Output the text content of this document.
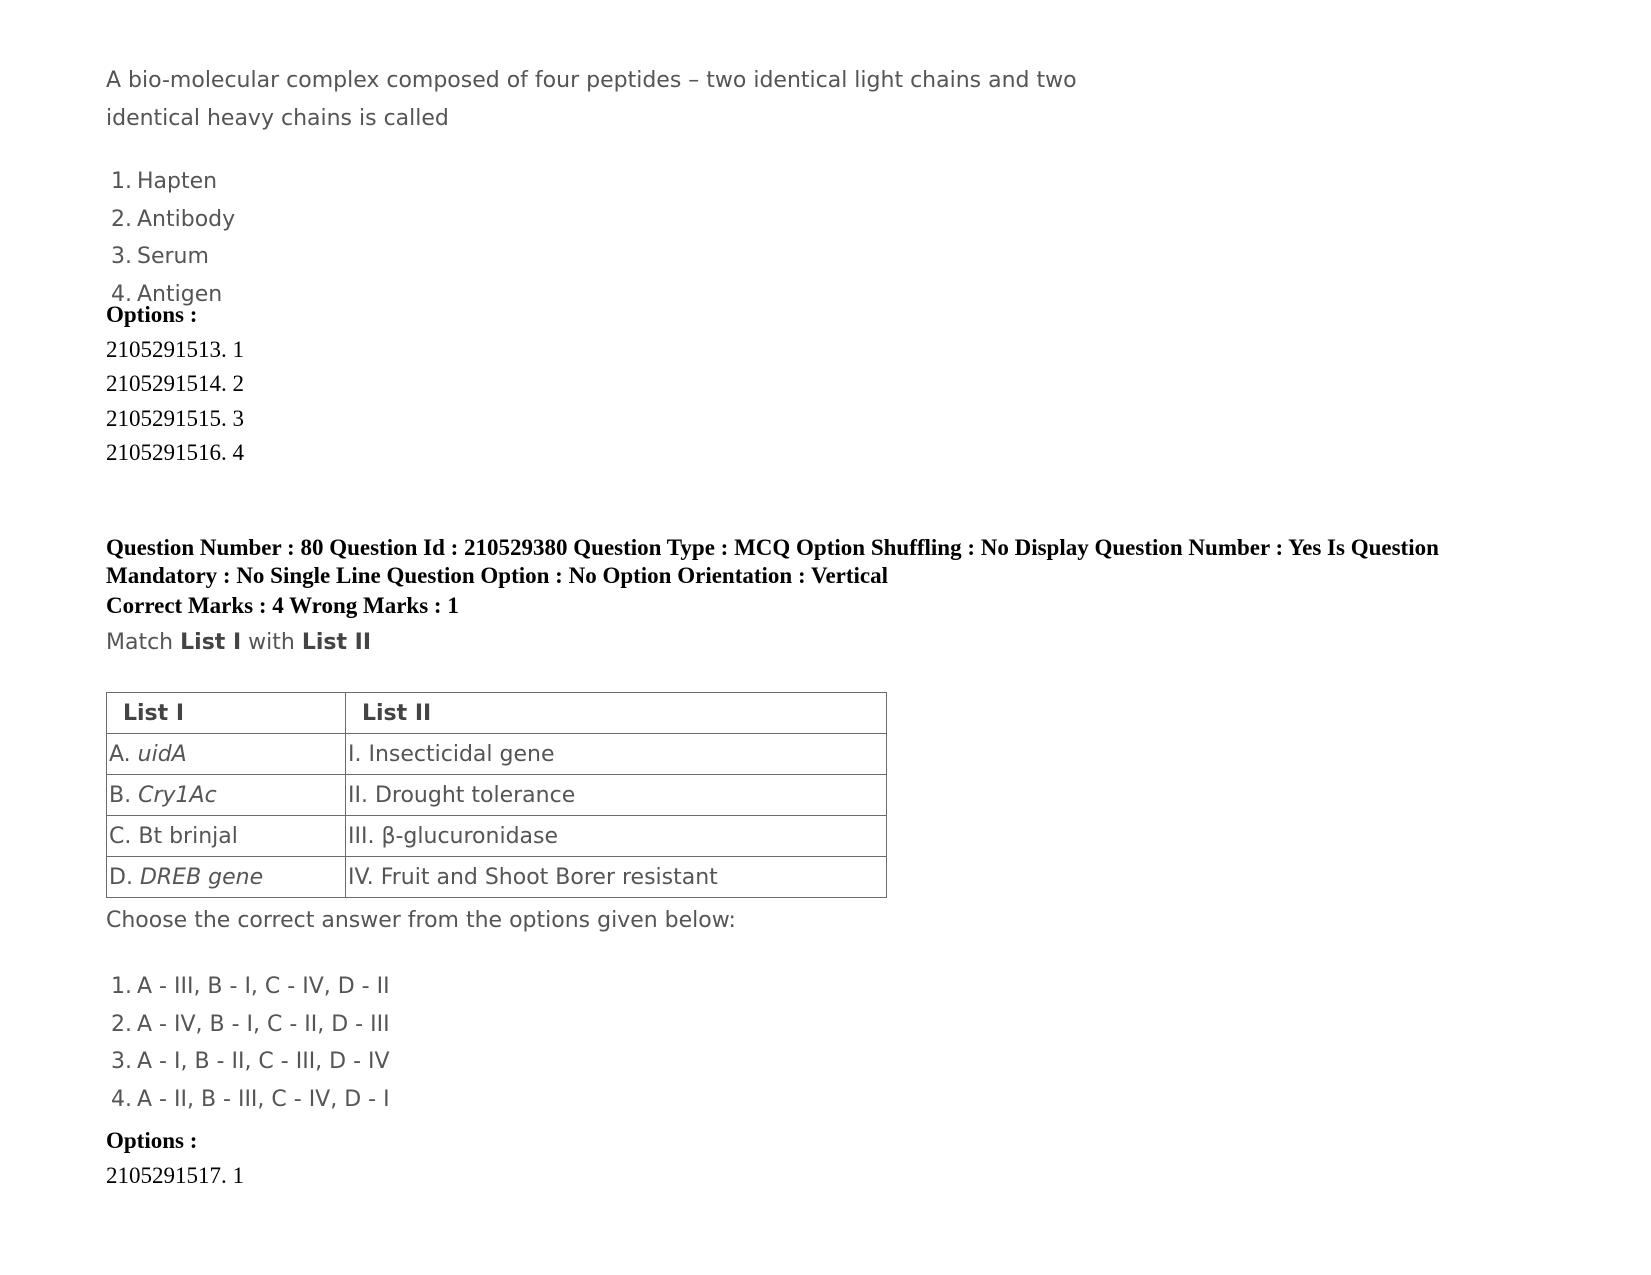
A bio-molecular complex composed of four peptides – two identical light chains and two
identical heavy chains is called
1. Hapten
2. Antibody
3. Serum
4. Antigen
Options :
2105291513. 1
2105291514. 2
2105291515. 3
2105291516. 4
Question Number : 80 Question Id : 210529380 Question Type : MCQ Option Shuffling : No Display Question Number : Yes Is Question
Mandatory : No Single Line Question Option : No Option Orientation : Vertical
Correct Marks : 4 Wrong Marks : 1
Match List I with List II
List I	List II
A. uidA	I. Insecticidal gene
B. Cry1Ac	II. Drought tolerance
C. Bt brinjal	III. β-glucuronidase
D. DREB gene	IV. Fruit and Shoot Borer resistant
Choose the correct answer from the options given below:
1. A - III, B - I, C - IV, D - II
2. A - IV, B - I, C - II, D - III
3. A - I, B - II, C - III, D - IV
4. A - II, B - III, C - IV, D - I
Options :
2105291517. 1
